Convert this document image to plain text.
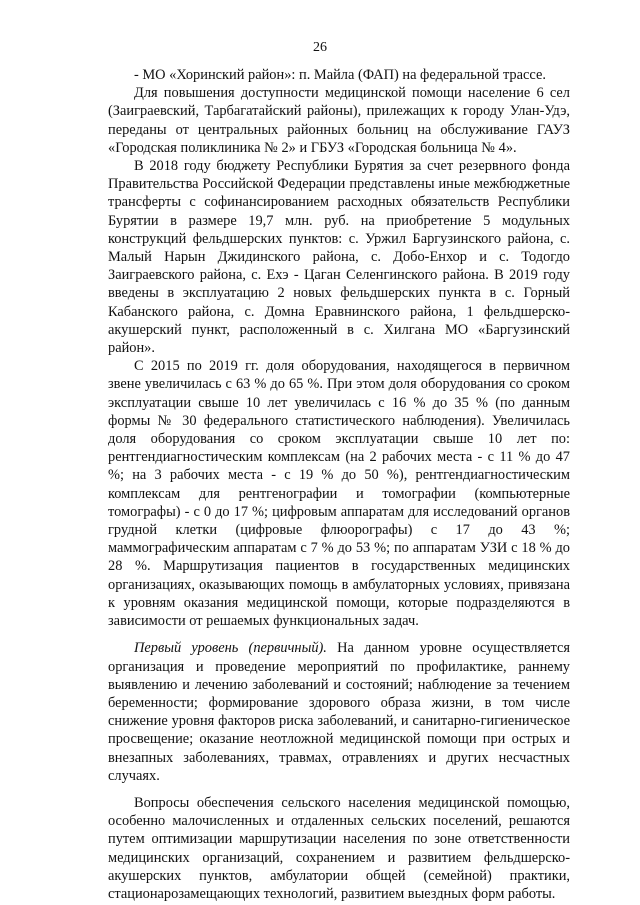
26

- МО «Хоринский район»: п. Майла (ФАП) на федеральной трассе.

Для повышения доступности медицинской помощи население 6 сел (Заиграевский, Тарбагатайский районы), прилежащих к городу Улан-Удэ, переданы от центральных районных больниц на обслуживание ГАУЗ «Городская поликлиника № 2» и ГБУЗ «Городская больница № 4».

В 2018 году бюджету Республики Бурятия за счет резервного фонда Правительства Российской Федерации представлены иные межбюджетные трансферты с софинансированием расходных обязательств Республики Бурятии в размере 19,7 млн. руб. на приобретение 5 модульных конструкций фельдшерских пунктов: с. Уржил Баргузинского района, с. Малый Нарын Джидинского района, с. Добо-Енхор и с. Тодогдо Заиграевского района, с. Ехэ - Цаган Селенгинского района. В 2019 году введены в эксплуатацию 2 новых фельдшерских пункта в с. Горный Кабанского района, с. Домна Еравнинского района, 1 фельдшерско-акушерский пункт, расположенный в с. Хилгана МО «Баргузинский район».

С 2015 по 2019 гг. доля оборудования, находящегося в первичном звене увеличилась с 63 % до 65 %. При этом доля оборудования со сроком эксплуатации свыше 10 лет увеличилась с 16 % до 35 % (по данным формы № 30 федерального статистического наблюдения). Увеличилась доля оборудования со сроком эксплуатации свыше 10 лет по: рентгендиагностическим комплексам (на 2 рабочих места - с 11 % до 47 %; на 3 рабочих места - с 19 % до 50 %), рентгендиагностическим комплексам для рентгенографии и томографии (компьютерные томографы) - с 0 до 17 %; цифровым аппаратам для исследований органов грудной клетки (цифровые флюорографы) с 17 до 43 %; маммографическим аппаратам с 7 % до 53 %; по аппаратам УЗИ с 18 % до 28 %. Маршрутизация пациентов в государственных медицинских организациях, оказывающих помощь в амбулаторных условиях, привязана к уровням оказания медицинской помощи, которые подразделяются в зависимости от решаемых функциональных задач.

Первый уровень (первичный). На данном уровне осуществляется организация и проведение мероприятий по профилактике, раннему выявлению и лечению заболеваний и состояний; наблюдение за течением беременности; формирование здорового образа жизни, в том числе снижение уровня факторов риска заболеваний, и санитарно-гигиеническое просвещение; оказание неотложной медицинской помощи при острых и внезапных заболеваниях, травмах, отравлениях и других несчастных случаях.

Вопросы обеспечения сельского населения медицинской помощью, особенно малочисленных и отдаленных сельских поселений, решаются путем оптимизации маршрутизации населения по зоне ответственности медицинских организаций, сохранением и развитием фельдшерско-акушерских пунктов, амбулатории общей (семейной) практики, стационарозамещающих технологий, развитием выездных форм работы.
